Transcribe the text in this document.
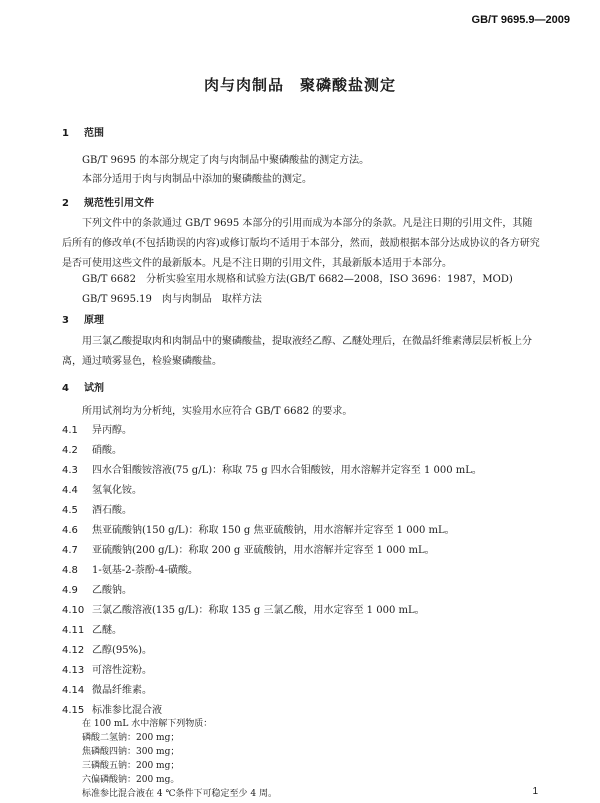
GB/T 9695.9—2009
肉与肉制品　聚磷酸盐测定
1 范围
GB/T 9695 的本部分规定了肉与肉制品中聚磷酸盐的测定方法。
本部分适用于肉与肉制品中添加的聚磷酸盐的测定。
2 规范性引用文件

下列文件中的条款通过 GB/T 9695 本部分的引用而成为本部分的条款。凡是注日期的引用文件，其随后所有的修改单(不包括勘误的内容)或修订版均不适用于本部分，然而，鼓励根据本部分达成协议的各方研究是否可使用这些文件的最新版本。凡是不注日期的引用文件，其最新版本适用于本部分。

GB/T 6682　分析实验室用水规格和试验方法(GB/T 6682—2008，ISO 3696：1987，MOD)
GB/T 9695.19　肉与肉制品　取样方法
3 原理

用三氯乙酸提取肉和肉制品中的聚磷酸盐，提取液经乙醇、乙醚处理后，在微晶纤维素薄层层析板上分离，通过喷雾显色，检验聚磷酸盐。

4 试剂
所用试剂均为分析纯，实验用水应符合 GB/T 6682 的要求。
4.1 异丙醇。
4.2 硝酸。
4.3 四水合钼酸铵溶液(75 g/L)：称取 75 g 四水合钼酸铵，用水溶解并定容至 1 000 mL。
4.4 氢氧化铵。
4.5 酒石酸。
4.6 焦亚硫酸钠(150 g/L)：称取 150 g 焦亚硫酸钠，用水溶解并定容至 1 000 mL。
4.7 亚硫酸钠(200 g/L)：称取 200 g 亚硫酸钠，用水溶解并定容至 1 000 mL。
4.8 1-氨基-2-萘酚-4-磺酸。
4.9 乙酸钠。
4.10 三氯乙酸溶液(135 g/L)：称取 135 g 三氯乙酸，用水定容至 1 000 mL。
4.11 乙醚。
4.12 乙醇(95%)。
4.13 可溶性淀粉。
4.14 微晶纤维素。
4.15 标准参比混合液
在 100 mL 水中溶解下列物质：
磷酸二氢钠：200 mg；
焦磷酸四钠：300 mg；
三磷酸五钠：200 mg；
六偏磷酸钠：200 mg。
标准参比混合液在 4 ℃条件下可稳定至少 4 周。	1
